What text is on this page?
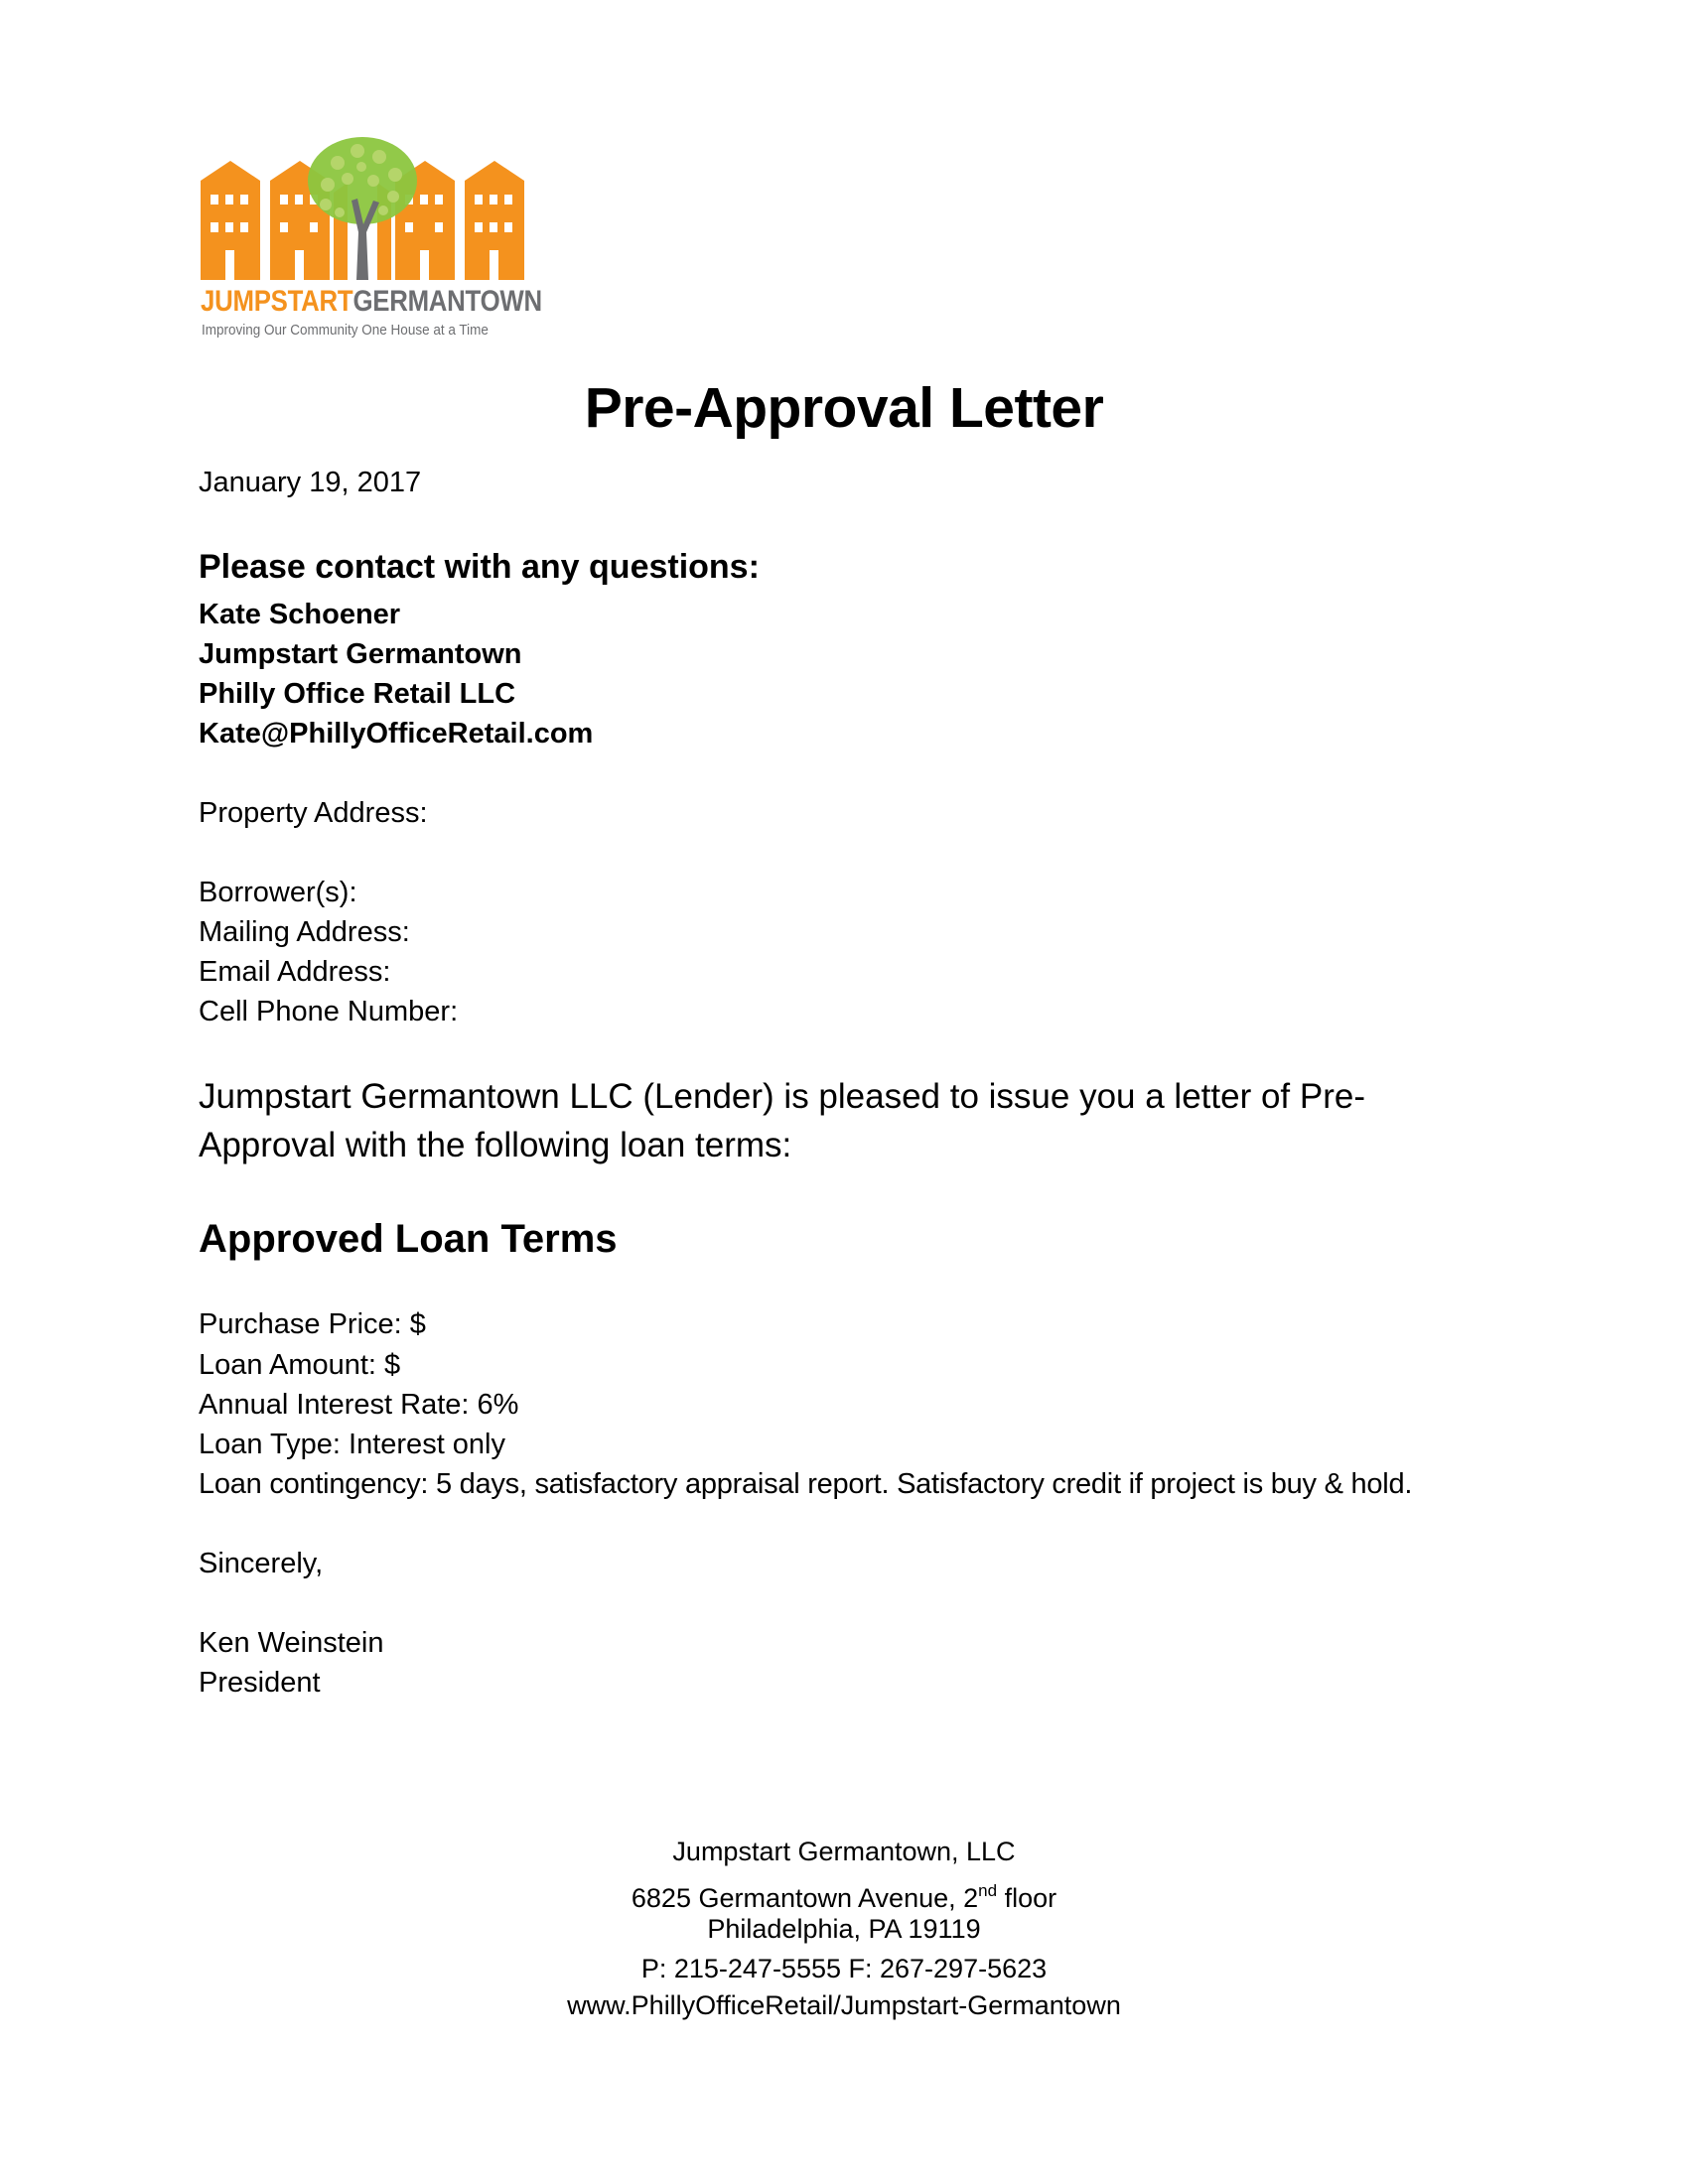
JUMPSTARTGERMANTOWN
Improving Our Community One House at a Time
Pre-Approval Letter
January 19, 2017
Please contact with any questions:
Kate Schoener
Jumpstart Germantown
Philly Office Retail LLC
Kate@PhillyOfficeRetail.com
Property Address:
Borrower(s):
Mailing Address:
Email Address:
Cell Phone Number:
Jumpstart Germantown LLC (Lender) is pleased to issue you a letter of Pre-Approval with the following loan terms:
Approved Loan Terms
Purchase Price: $
Loan Amount: $
Annual Interest Rate: 6%
Loan Type: Interest only
Loan contingency: 5 days, satisfactory appraisal report. Satisfactory credit if project is buy & hold.
Sincerely,
Ken Weinstein
President
Jumpstart Germantown, LLC
6825 Germantown Avenue, 2nd floor
Philadelphia, PA 19119
P: 215-247-5555 F: 267-297-5623
www.PhillyOfficeRetail/Jumpstart-Germantown
